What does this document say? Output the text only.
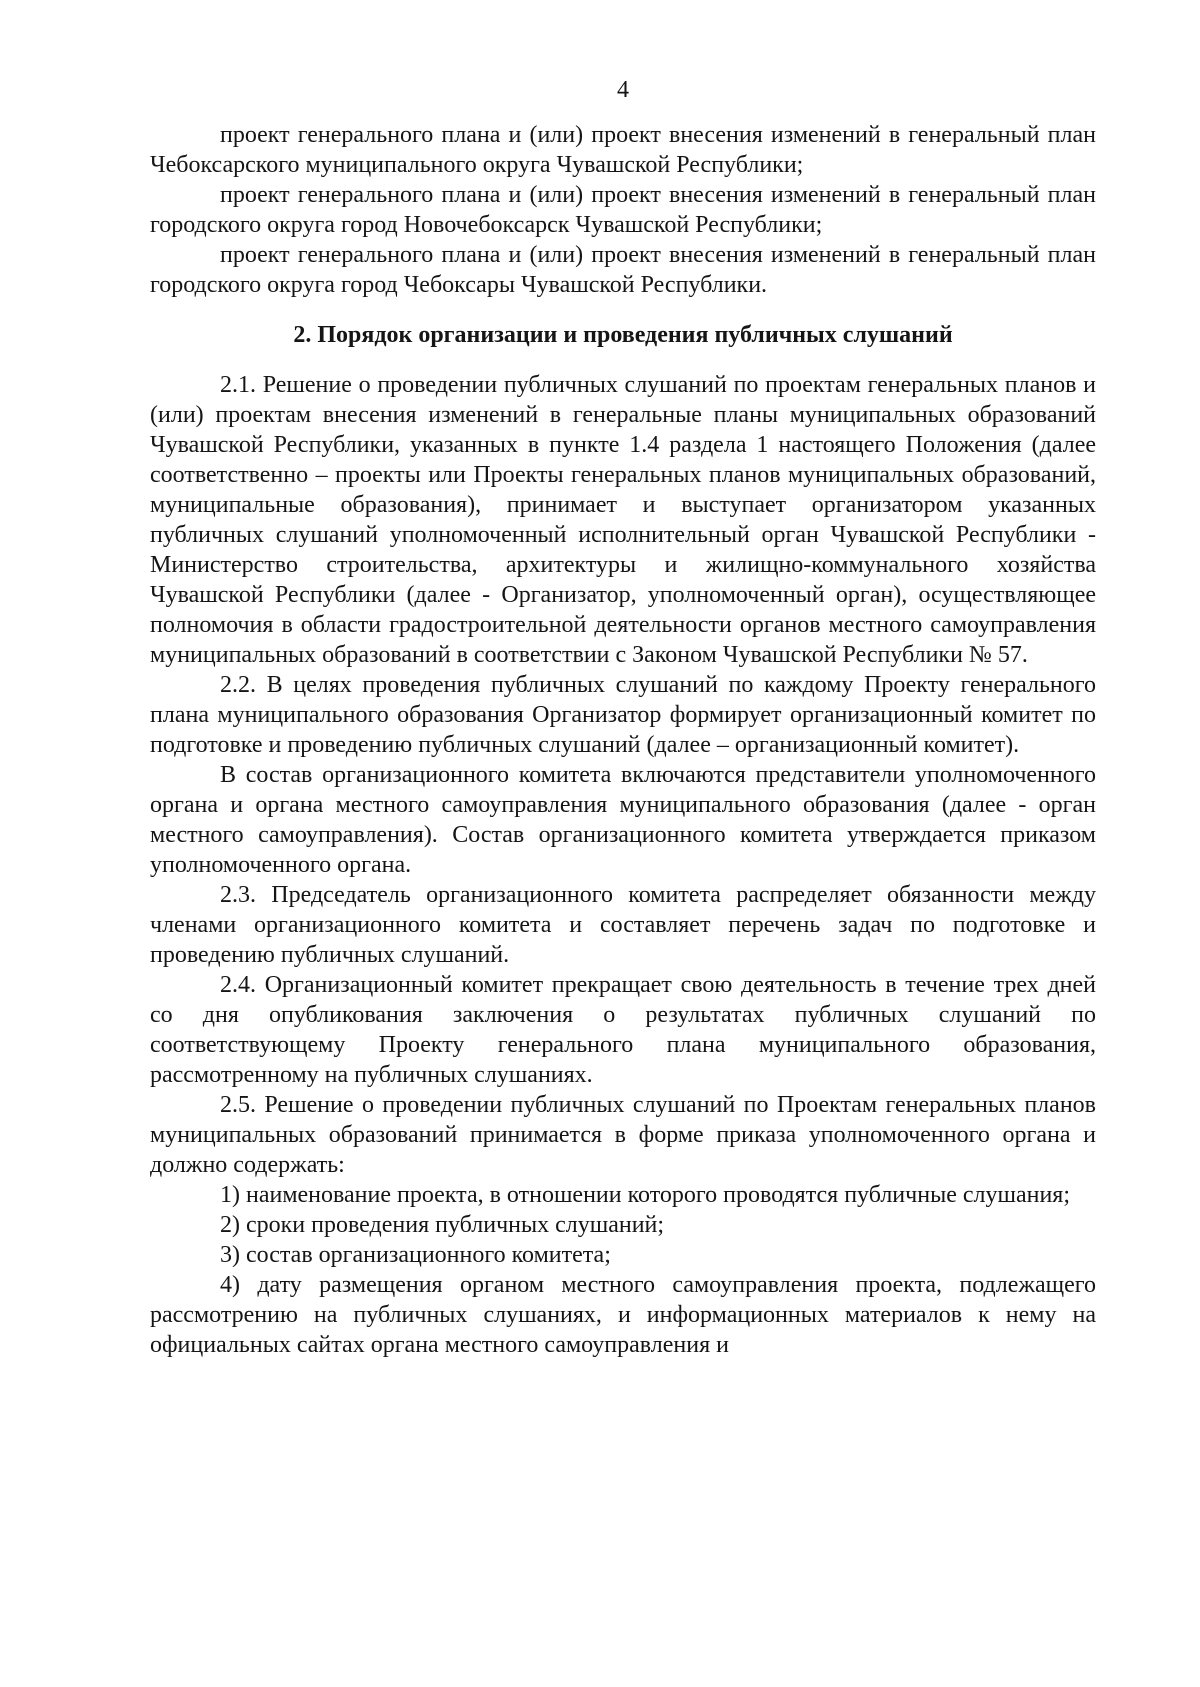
4

проект генерального плана и (или) проект внесения изменений в генеральный план Чебоксарского муниципального округа Чувашской Республики;

проект генерального плана и (или) проект внесения изменений в генеральный план городского округа город Новочебоксарск Чувашской Республики;

проект генерального плана и (или) проект внесения изменений в генеральный план городского округа город Чебоксары Чувашской Республики.

2. Порядок организации и проведения публичных слушаний

2.1. Решение о проведении публичных слушаний по проектам генеральных планов и (или) проектам внесения изменений в генеральные планы муниципальных образований Чувашской Республики, указанных в пункте 1.4 раздела 1 настоящего Положения (далее соответственно – проекты или Проекты генеральных планов муниципальных образований, муниципальные образования), принимает и выступает организатором указанных публичных слушаний уполномоченный исполнительный орган Чувашской Республики - Министерство строительства, архитектуры и жилищно-коммунального хозяйства Чувашской Республики (далее - Организатор, уполномоченный орган), осуществляющее полномочия в области градостроительной деятельности органов местного самоуправления муниципальных образований в соответствии с Законом Чувашской Республики № 57.

2.2. В целях проведения публичных слушаний по каждому Проекту генерального плана муниципального образования Организатор формирует организационный комитет по подготовке и проведению публичных слушаний (далее – организационный комитет).

В состав организационного комитета включаются представители уполномоченного органа и органа местного самоуправления муниципального образования (далее - орган местного самоуправления). Состав организационного комитета утверждается приказом уполномоченного органа.

2.3. Председатель организационного комитета распределяет обязанности между членами организационного комитета и составляет перечень задач по подготовке и проведению публичных слушаний.

2.4. Организационный комитет прекращает свою деятельность в течение трех дней со дня опубликования заключения о результатах публичных слушаний по соответствующему Проекту генерального плана муниципального образования, рассмотренному на публичных слушаниях.

2.5. Решение о проведении публичных слушаний по Проектам генеральных планов муниципальных образований принимается в форме приказа уполномоченного органа и должно содержать:

1) наименование проекта, в отношении которого проводятся публичные слушания;

2) сроки проведения публичных слушаний;

3) состав организационного комитета;

4) дату размещения органом местного самоуправления проекта, подлежащего рассмотрению на публичных слушаниях, и информационных материалов к нему на официальных сайтах органа местного самоуправления и
